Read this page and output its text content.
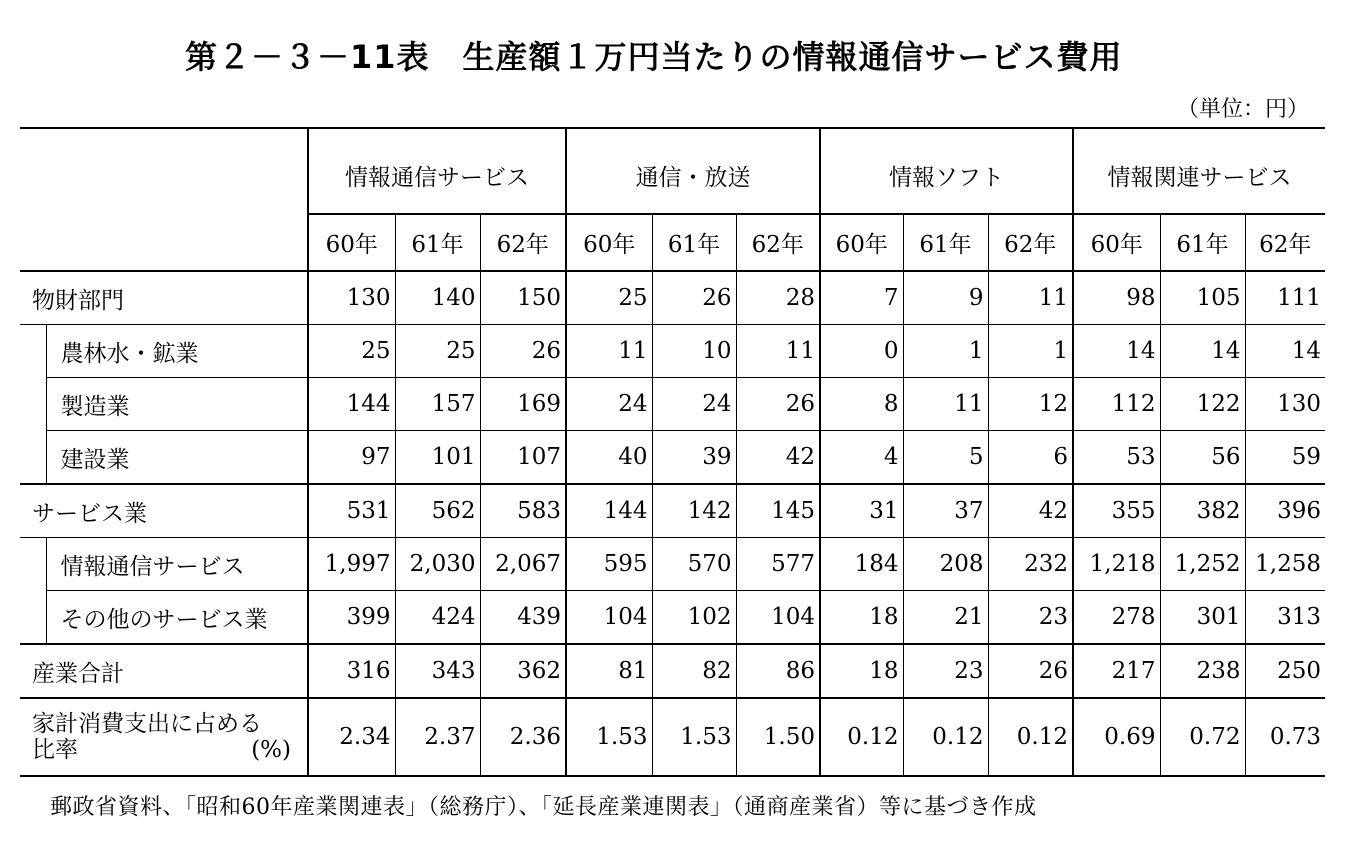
第２－３－11表　生産額１万円当たりの情報通信サービス費用
（単位：円）
		情報通信サービス			通信・放送			情報ソフト			情報関連サービス		
		60年	61年	62年	60年	61年	62年	60年	61年	62年	60年	61年	62年
物財部門		130	140	150	25	26	28	7	9	11	98	105	111
	農林水・鉱業	25	25	26	11	10	11	0	1	1	14	14	14
	製造業	144	157	169	24	24	26	8	11	12	112	122	130
	建設業	97	101	107	40	39	42	4	5	6	53	56	59
サービス業		531	562	583	144	142	145	31	37	42	355	382	396
	情報通信サービス	1,997	2,030	2,067	595	570	577	184	208	232	1,218	1,252	1,258
	その他のサービス業	399	424	439	104	102	104	18	21	23	278	301	313
産業合計		316	343	362	81	82	86	18	23	26	217	238	250

家計消費支出に占める
比率 (%)		2.34	2.37	2.36	1.53	1.53	1.50	0.12	0.12	0.12	0.69	0.72	0.73
郵政省資料、「昭和60年産業関連表」（総務庁）、「延長産業連関表」（通商産業省）等に基づき作成
